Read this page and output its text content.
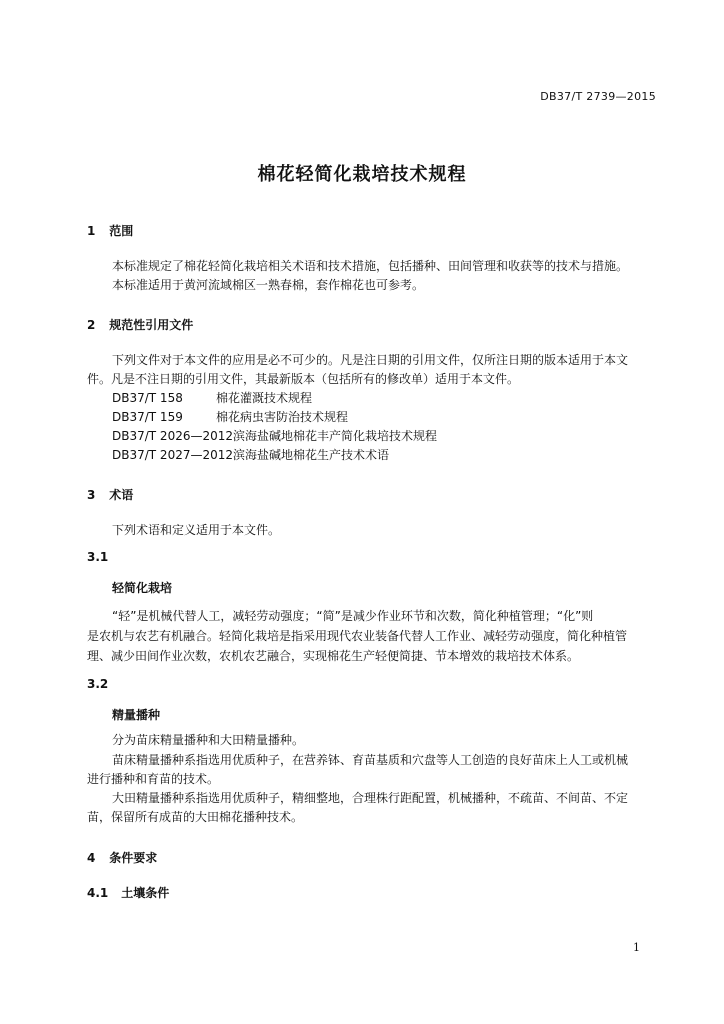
DB37/T 2739—2015
棉花轻简化栽培技术规程
1 范围
本标准规定了棉花轻简化栽培相关术语和技术措施，包括播种、田间管理和收获等的技术与措施。
本标准适用于黄河流域棉区一熟春棉，套作棉花也可参考。
2 规范性引用文件
下列文件对于本文件的应用是必不可少的。凡是注日期的引用文件，仅所注日期的版本适用于本文
件。凡是不注日期的引用文件，其最新版本（包括所有的修改单）适用于本文件。
DB37/T 158	棉花灌溉技术规程
DB37/T 159	棉花病虫害防治技术规程
DB37/T 2026—2012滨海盐碱地棉花丰产简化栽培技术规程
DB37/T 2027—2012滨海盐碱地棉花生产技术术语
3 术语
下列术语和定义适用于本文件。
3.1
轻简化栽培
“轻”是机械代替人工，减轻劳动强度；“简”是减少作业环节和次数，简化种植管理；“化”则
是农机与农艺有机融合。轻简化栽培是指采用现代农业装备代替人工作业、减轻劳动强度，简化种植管
理、减少田间作业次数，农机农艺融合，实现棉花生产轻便简捷、节本增效的栽培技术体系。
3.2
精量播种
分为苗床精量播种和大田精量播种。
苗床精量播种系指选用优质种子，在营养钵、育苗基质和穴盘等人工创造的良好苗床上人工或机械
进行播种和育苗的技术。
大田精量播种系指选用优质种子，精细整地，合理株行距配置，机械播种，不疏苗、不间苗、不定
苗，保留所有成苗的大田棉花播种技术。
4 条件要求
4.1 土壤条件
1
